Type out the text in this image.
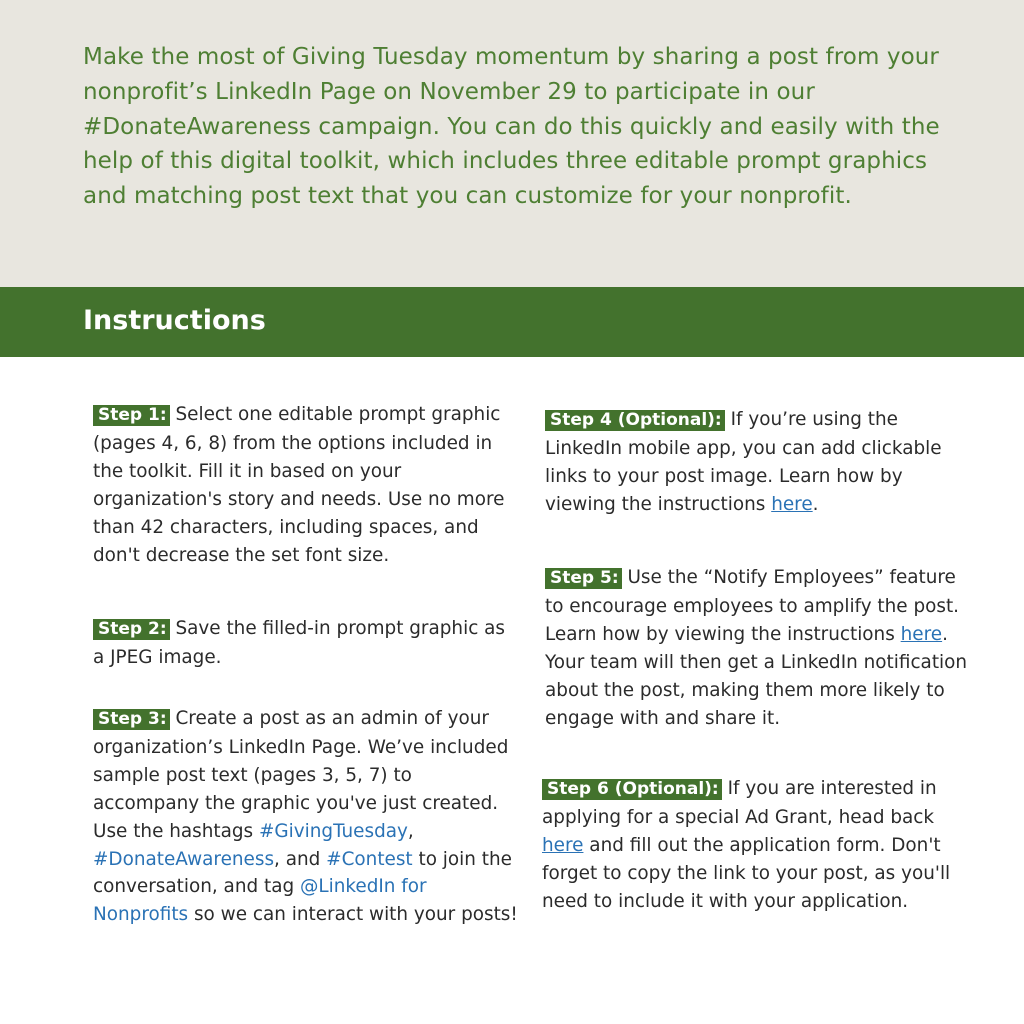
Make the most of Giving Tuesday momentum by sharing a post from your nonprofit’s LinkedIn Page on November 29 to participate in our #DonateAwareness campaign. You can do this quickly and easily with the help of this digital toolkit, which includes three editable prompt graphics and matching post text that you can customize for your nonprofit.

Instructions

Step 1: Select one editable prompt graphic (pages 4, 6, 8) from the options included in the toolkit. Fill it in based on your organization's story and needs. Use no more than 42 characters, including spaces, and don't decrease the set font size.

Step 2: Save the filled-in prompt graphic as a JPEG image.

Step 3: Create a post as an admin of your organization’s LinkedIn Page. We’ve included sample post text (pages 3, 5, 7) to accompany the graphic you've just created. Use the hashtags #GivingTuesday, #DonateAwareness, and #Contest to join the conversation, and tag @LinkedIn for Nonprofits so we can interact with your posts!

Step 4 (Optional): If you’re using the LinkedIn mobile app, you can add clickable links to your post image. Learn how by viewing the instructions here.

Step 5: Use the “Notify Employees” feature to encourage employees to amplify the post. Learn how by viewing the instructions here. Your team will then get a LinkedIn notification about the post, making them more likely to engage with and share it.

Step 6 (Optional): If you are interested in applying for a special Ad Grant, head back here and fill out the application form. Don't forget to copy the link to your post, as you'll need to include it with your application.
